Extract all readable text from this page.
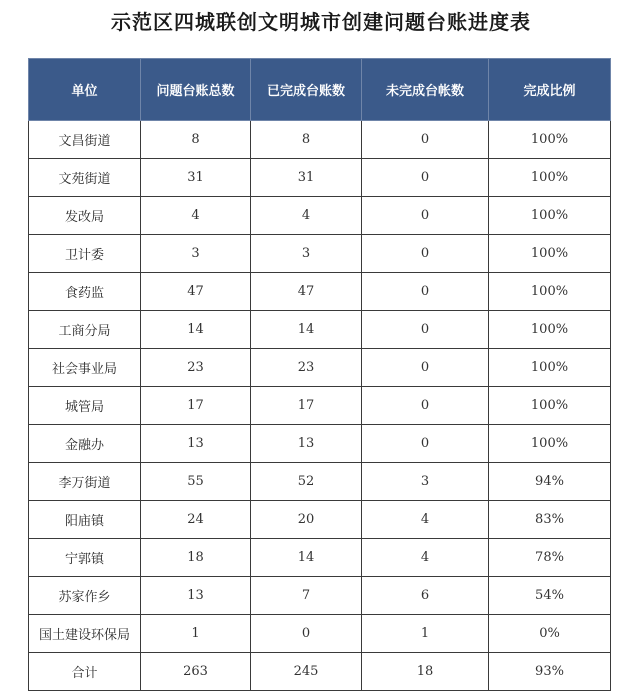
示范区四城联创文明城市创建问题台账进度表
单位	问题台账总数	已完成台账数	未完成台帐数	完成比例
文昌街道	8	8	0	100%
文苑街道	31	31	0	100%
发改局	4	4	0	100%
卫计委	3	3	0	100%
食药监	47	47	0	100%
工商分局	14	14	0	100%
社会事业局	23	23	0	100%
城管局	17	17	0	100%
金融办	13	13	0	100%
李万街道	55	52	3	94%
阳庙镇	24	20	4	83%
宁郭镇	18	14	4	78%
苏家作乡	13	7	6	54%
国土建设环保局	1	0	1	0%
合计	263	245	18	93%
